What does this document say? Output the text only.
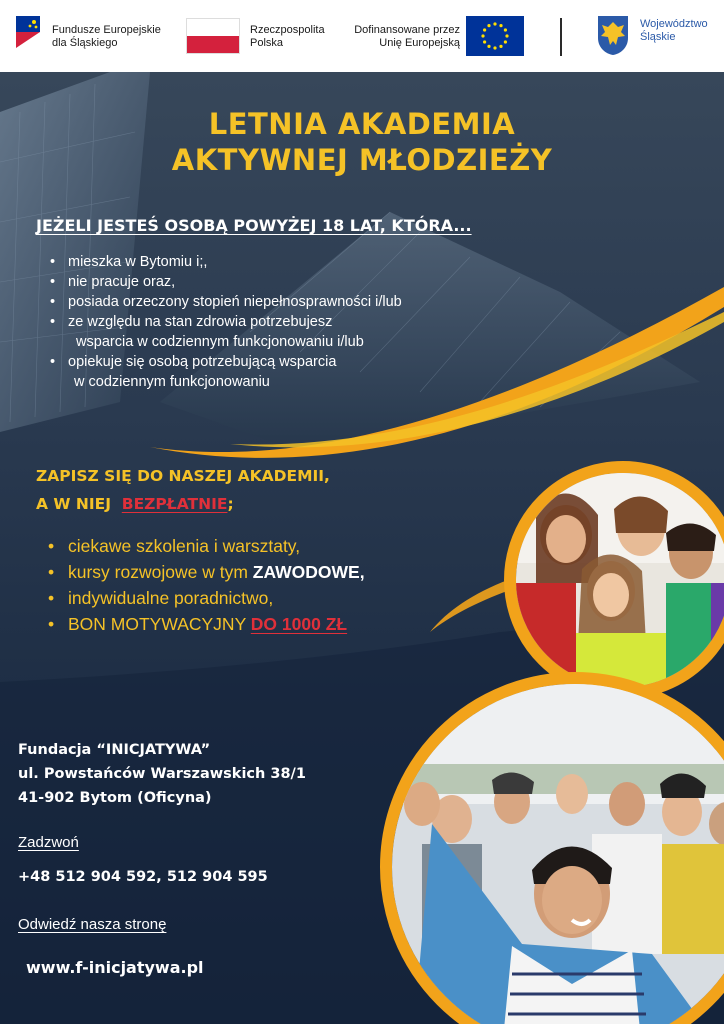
Fundusze Europejskie
dla Śląskiego
Rzeczpospolita
Polska
Dofinansowane przez
Unię Europejską
Województwo
Śląskie
LETNIA AKADEMIA
AKTYWNEJ MŁODZIEŻY
JEŻELI JESTEŚ OSOBĄ POWYŻEJ 18 LAT, KTÓRA...
• mieszka w Bytomiu i;,
• nie pracuje oraz,
• posiada orzeczony stopień niepełnosprawności i/lub
• ze względu na stan zdrowia potrzebujesz
wsparcia w codziennym funkcjonowaniu i/lub
• opiekuje się osobą potrzebującą wsparcia
w codziennym funkcjonowaniu
ZAPISZ SIĘ DO NASZEJ AKADEMII,
A W NIEJ  BEZPŁATNIE;
• ciekawe szkolenia i warsztaty,
• kursy rozwojowe w tym ZAWODOWE,
• indywidualne poradnictwo,
• BON MOTYWACYJNY DO 1000 ZŁ
Fundacja “INICJATYWA”
ul. Powstańców Warszawskich 38/1
41-902 Bytom (Oficyna)
Zadzwoń
+48 512 904 592, 512 904 595
Odwiedź nasza stronę
www.f-inicjatywa.pl
